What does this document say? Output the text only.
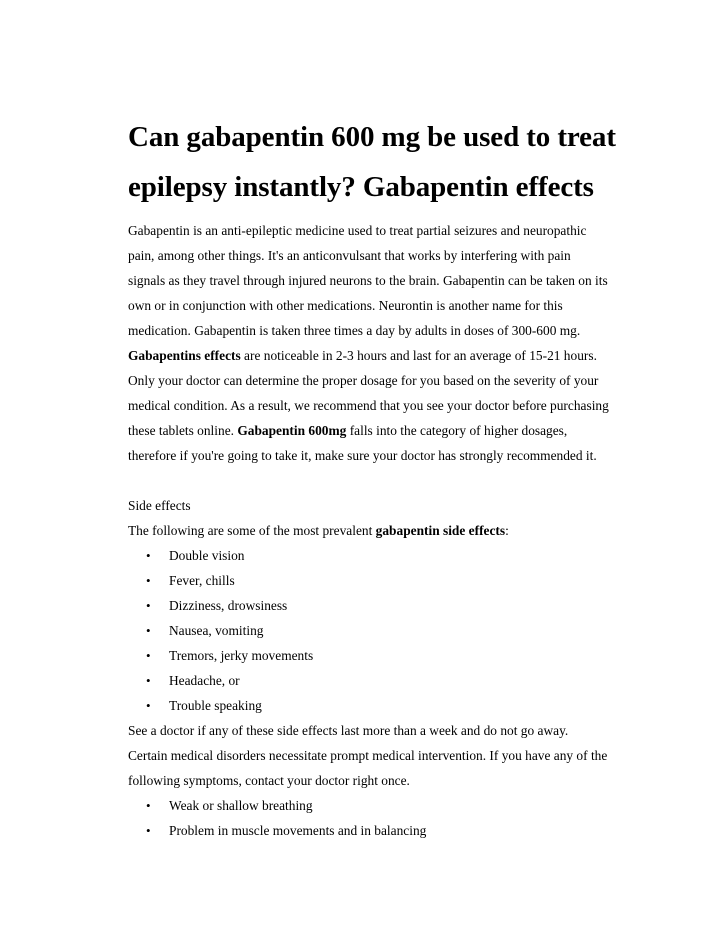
Can gabapentin 600 mg be used to treat
epilepsy instantly? Gabapentin effects

Gabapentin is an anti-epileptic medicine used to treat partial seizures and neuropathic
pain, among other things. It's an anticonvulsant that works by interfering with pain
signals as they travel through injured neurons to the brain. Gabapentin can be taken on its
own or in conjunction with other medications. Neurontin is another name for this
medication. Gabapentin is taken three times a day by adults in doses of 300-600 mg.
Gabapentins effects are noticeable in 2-3 hours and last for an average of 15-21 hours.
Only your doctor can determine the proper dosage for you based on the severity of your
medical condition. As a result, we recommend that you see your doctor before purchasing
these tablets online. Gabapentin 600mg falls into the category of higher dosages,
therefore if you're going to take it, make sure your doctor has strongly recommended it.

Side effects

The following are some of the most prevalent gabapentin side effects:

• Double vision
• Fever, chills
• Dizziness, drowsiness
• Nausea, vomiting
• Tremors, jerky movements
• Headache, or
• Trouble speaking

See a doctor if any of these side effects last more than a week and do not go away.

Certain medical disorders necessitate prompt medical intervention. If you have any of the

following symptoms, contact your doctor right once.

• Weak or shallow breathing
• Problem in muscle movements and in balancing
